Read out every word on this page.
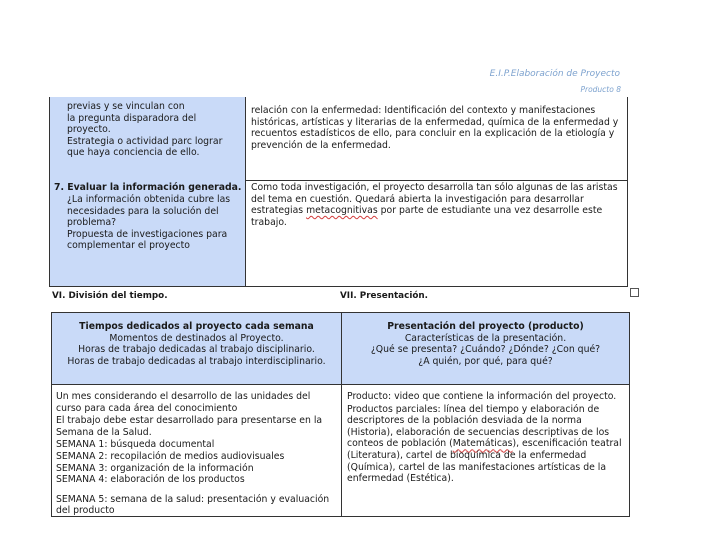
E.I.P.Elaboración de Proyecto
Producto 8
previas y se vinculan con
la pregunta disparadora del
proyecto.
Estrategia o actividad parc lograr
que haya conciencia de ello.
relación con la enfermedad: Identificación del contexto y manifestaciones históricas, artísticas y literarias de la enfermedad, química de la enfermedad y recuentos estadísticos de ello, para concluir en la explicación de la etiología y prevención de la enfermedad.
7. Evaluar la información generada.
¿La información obtenida cubre las
necesidades para la solución del
problema?
Propuesta de investigaciones para
complementar el proyecto
Como toda investigación, el proyecto desarrolla tan sólo algunas de las aristas del tema en cuestión. Quedará abierta la investigación para desarrollar estrategias metacognitivas por parte de estudiante una vez desarrolle este trabajo.
VI. División del tiempo.	VII. Presentación.
Tiempos dedicados al proyecto cada semana
Momentos de destinados al Proyecto.
Horas de trabajo dedicadas al trabajo disciplinario.
Horas de trabajo dedicadas al trabajo interdisciplinario.
Presentación del proyecto (producto)
Características de la presentación.
¿Qué se presenta? ¿Cuándo? ¿Dónde? ¿Con qué?
¿A quién, por qué, para qué?
Un mes considerando el desarrollo de las unidades del curso para cada área del conocimiento
El trabajo debe estar desarrollado para presentarse en la Semana de la Salud.
SEMANA 1: búsqueda documental
SEMANA 2: recopilación de medios audiovisuales
SEMANA 3: organización de la información
SEMANA 4: elaboración de los productos
SEMANA 5: semana de la salud: presentación y evaluación del producto
Producto: video que contiene la información del proyecto.
Productos parciales: línea del tiempo y elaboración de descriptores de la población desviada de la norma (Historia), elaboración de secuencias descriptivas de los conteos de población (Matemáticas), escenificación teatral (Literatura), cartel de bioquímica de la enfermedad (Química), cartel de las manifestaciones artísticas de la enfermedad (Estética).
